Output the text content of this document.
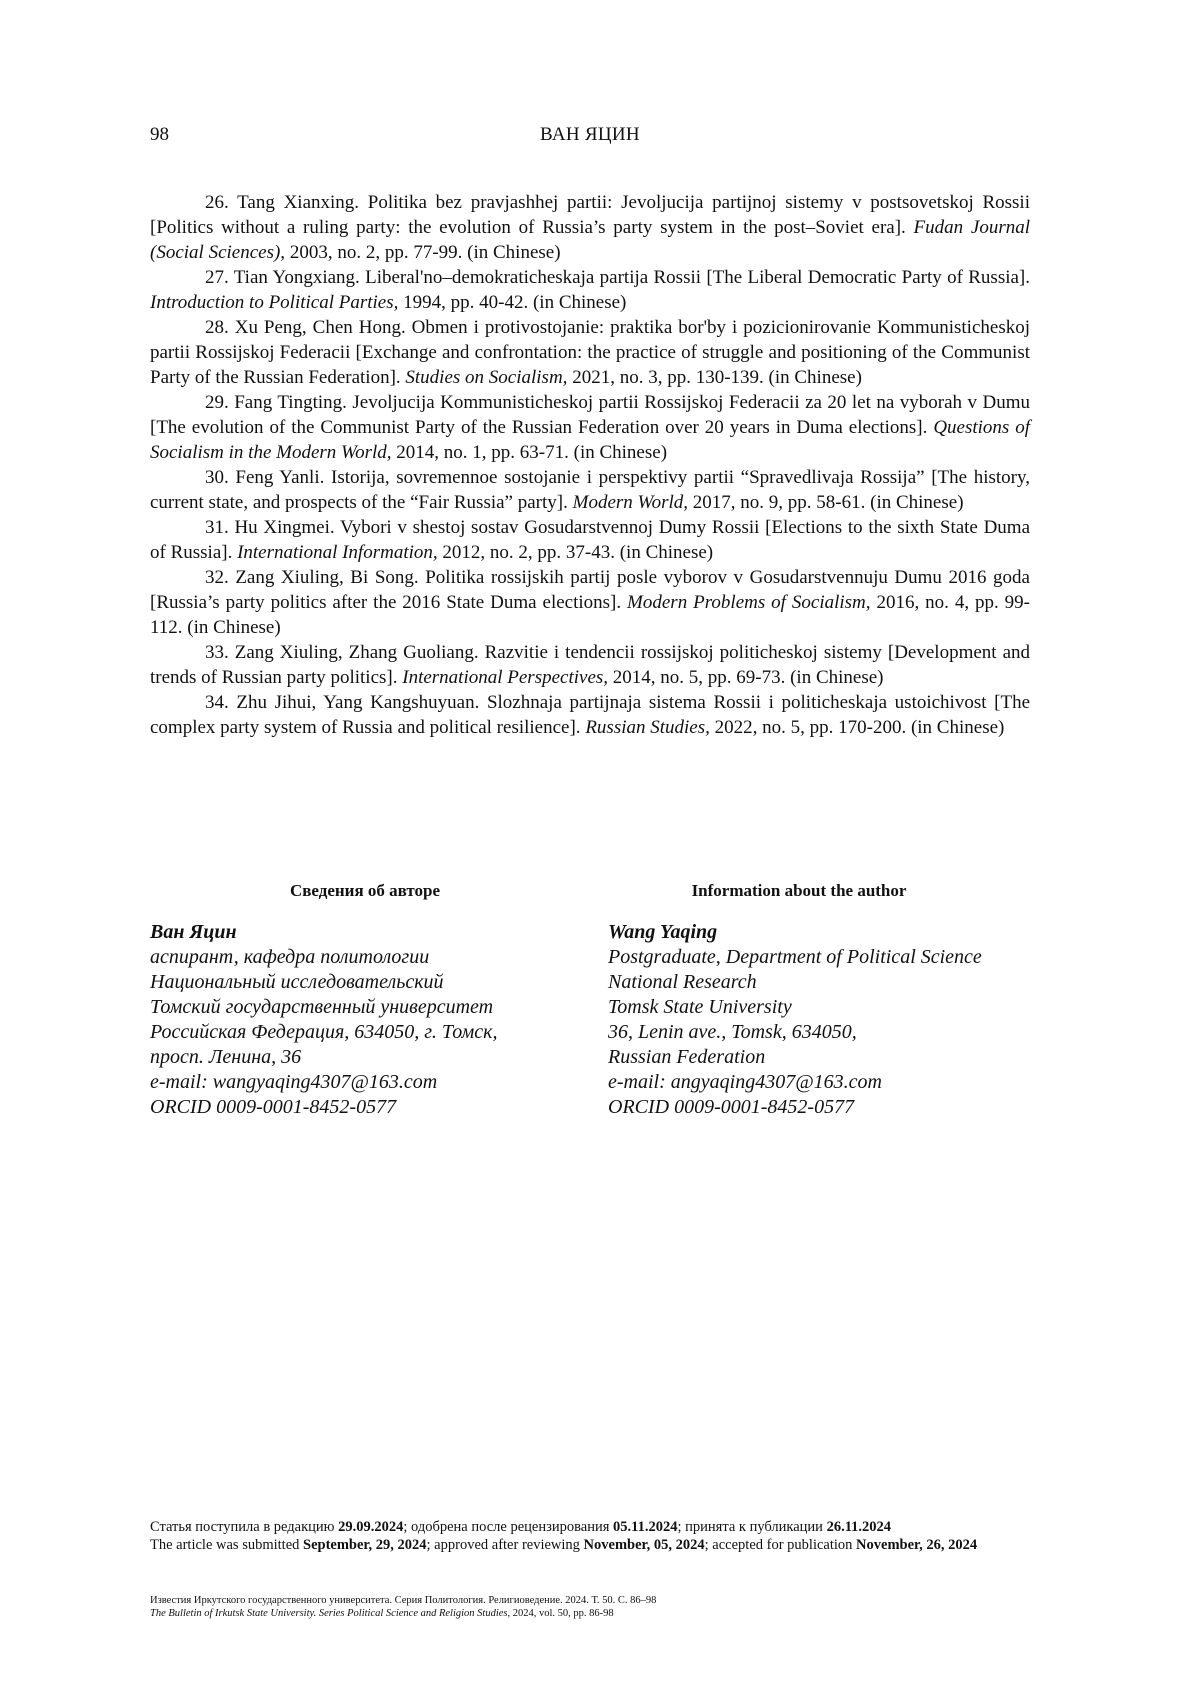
98	ВАН ЯЦИН

26. Tang Xianxing. Politika bez pravjashhej partii: Jevoljucija partijnoj sistemy v postsovetskoj Rossii [Politics without a ruling party: the evolution of Russia’s party system in the post–Soviet era]. Fudan Journal (Social Sciences), 2003, no. 2, pp. 77-99. (in Chinese)

27. Tian Yongxiang. Liberal'no–demokraticheskaja partija Rossii [The Liberal Democratic Party of Russia]. Introduction to Political Parties, 1994, pp. 40-42. (in Chinese)

28. Xu Peng, Chen Hong. Obmen i protivostojanie: praktika bor'by i pozicionirovanie Kommunisticheskoj partii Rossijskoj Federacii [Exchange and confrontation: the practice of struggle and positioning of the Communist Party of the Russian Federation]. Studies on Socialism, 2021, no. 3, pp. 130-139. (in Chinese)

29. Fang Tingting. Jevoljucija Kommunisticheskoj partii Rossijskoj Federacii za 20 let na vyborah v Dumu [The evolution of the Communist Party of the Russian Federation over 20 years in Duma elections]. Questions of Socialism in the Modern World, 2014, no. 1, pp. 63-71. (in Chinese)

30. Feng Yanli. Istorija, sovremennoe sostojanie i perspektivy partii “Spravedlivaja Rossija” [The history, current state, and prospects of the “Fair Russia” party]. Modern World, 2017, no. 9, pp. 58-61. (in Chinese)

31. Hu Xingmei. Vybori v shestoj sostav Gosudarstvennoj Dumy Rossii [Elections to the sixth State Duma of Russia]. International Information, 2012, no. 2, pp. 37-43. (in Chinese)

32. Zang Xiuling, Bi Song. Politika rossijskih partij posle vyborov v Gosudarstvennuju Dumu 2016 goda [Russia’s party politics after the 2016 State Duma elections]. Modern Problems of Socialism, 2016, no. 4, pp. 99-112. (in Chinese)

33. Zang Xiuling, Zhang Guoliang. Razvitie i tendencii rossijskoj politicheskoj sistemy [Development and trends of Russian party politics]. International Perspectives, 2014, no. 5, pp. 69-73. (in Chinese)

34. Zhu Jihui, Yang Kangshuyuan. Slozhnaja partijnaja sistema Rossii i politicheskaja ustoichivost [The complex party system of Russia and political resilience]. Russian Studies, 2022, no. 5, pp. 170-200. (in Chinese)

Сведения об авторе
Ван Яцин
аспирант, кафедра политологии
Национальный исследовательский
Томский государственный университет
Российская Федерация, 634050, г. Томск,
просп. Ленина, 36
e-mail: wangyaqing4307@163.com
ORCID 0009-0001-8452-0577
Information about the author
Wang Yaqing
Postgraduate, Department of Political Science
National Research
Tomsk State University
36, Lenin ave., Tomsk, 634050,
Russian Federation
e-mail: angyaqing4307@163.com
ORCID 0009-0001-8452-0577

Статья поступила в редакцию 29.09.2024; одобрена после рецензирования 05.11.2024; принята к публикации 26.11.2024

The article was submitted September, 29, 2024; approved after reviewing November, 05, 2024; accepted for publication November, 26, 2024

Известия Иркутского государственного университета. Серия Политология. Религиоведение. 2024. Т. 50. С. 86–98

The Bulletin of Irkutsk State University. Series Political Science and Religion Studies, 2024, vol. 50, pp. 86-98
